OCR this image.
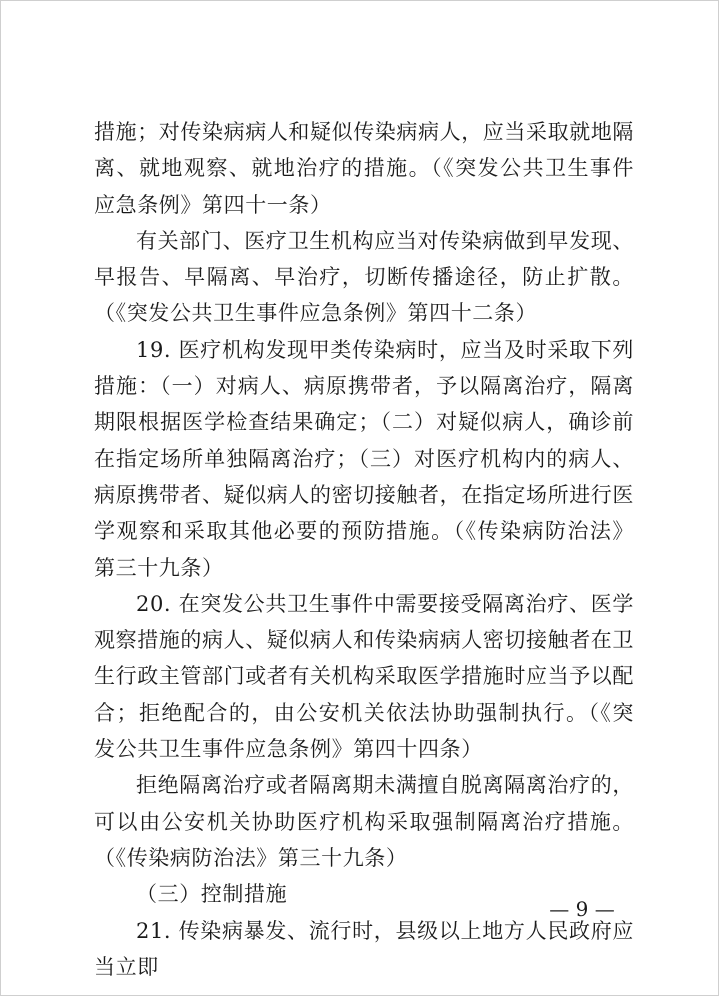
措施；对传染病病人和疑似传染病病人，应当采取就地隔离、就地观察、就地治疗的措施。（《突发公共卫生事件应急条例》第四十一条）

有关部门、医疗卫生机构应当对传染病做到早发现、早报告、早隔离、早治疗，切断传播途径，防止扩散。（《突发公共卫生事件应急条例》第四十二条）

19. 医疗机构发现甲类传染病时，应当及时采取下列措施：（一）对病人、病原携带者，予以隔离治疗，隔离期限根据医学检查结果确定；（二）对疑似病人，确诊前在指定场所单独隔离治疗；（三）对医疗机构内的病人、病原携带者、疑似病人的密切接触者，在指定场所进行医学观察和采取其他必要的预防措施。（《传染病防治法》第三十九条）

20. 在突发公共卫生事件中需要接受隔离治疗、医学观察措施的病人、疑似病人和传染病病人密切接触者在卫生行政主管部门或者有关机构采取医学措施时应当予以配合；拒绝配合的，由公安机关依法协助强制执行。（《突发公共卫生事件应急条例》第四十四条）

拒绝隔离治疗或者隔离期未满擅自脱离隔离治疗的，可以由公安机关协助医疗机构采取强制隔离治疗措施。（《传染病防治法》第三十九条）

（三）控制措施

21. 传染病暴发、流行时，县级以上地方人民政府应当立即

— 9 —
